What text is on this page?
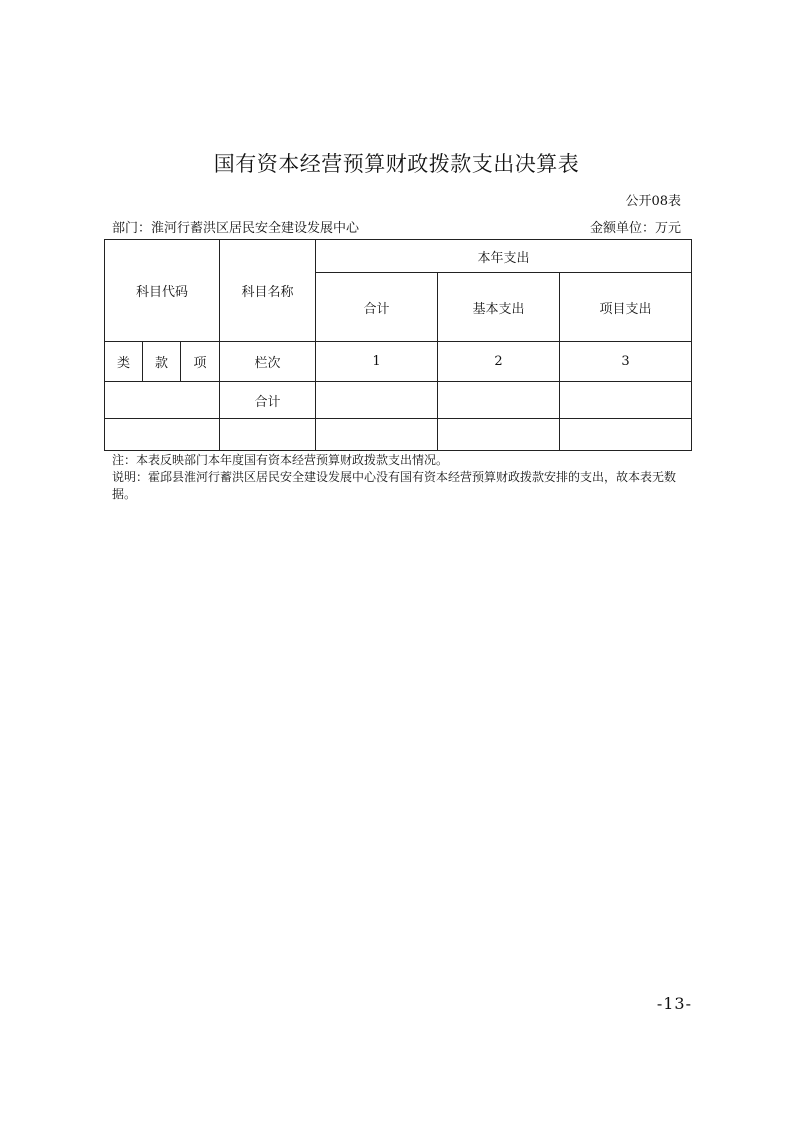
国有资本经营预算财政拨款支出决算表
公开08表
部门：淮河行蓄洪区居民安全建设发展中心	金额单位：万元
科目代码			科目名称	本年支出		
				合计	基本支出	项目支出
类	款	项	栏次	1	2	3
			合计			

注：本表反映部门本年度国有资本经营预算财政拨款支出情况。

说明：霍邱县淮河行蓄洪区居民安全建设发展中心没有国有资本经营预算财政拨款安排的支出，故本表无数据。

-13-
